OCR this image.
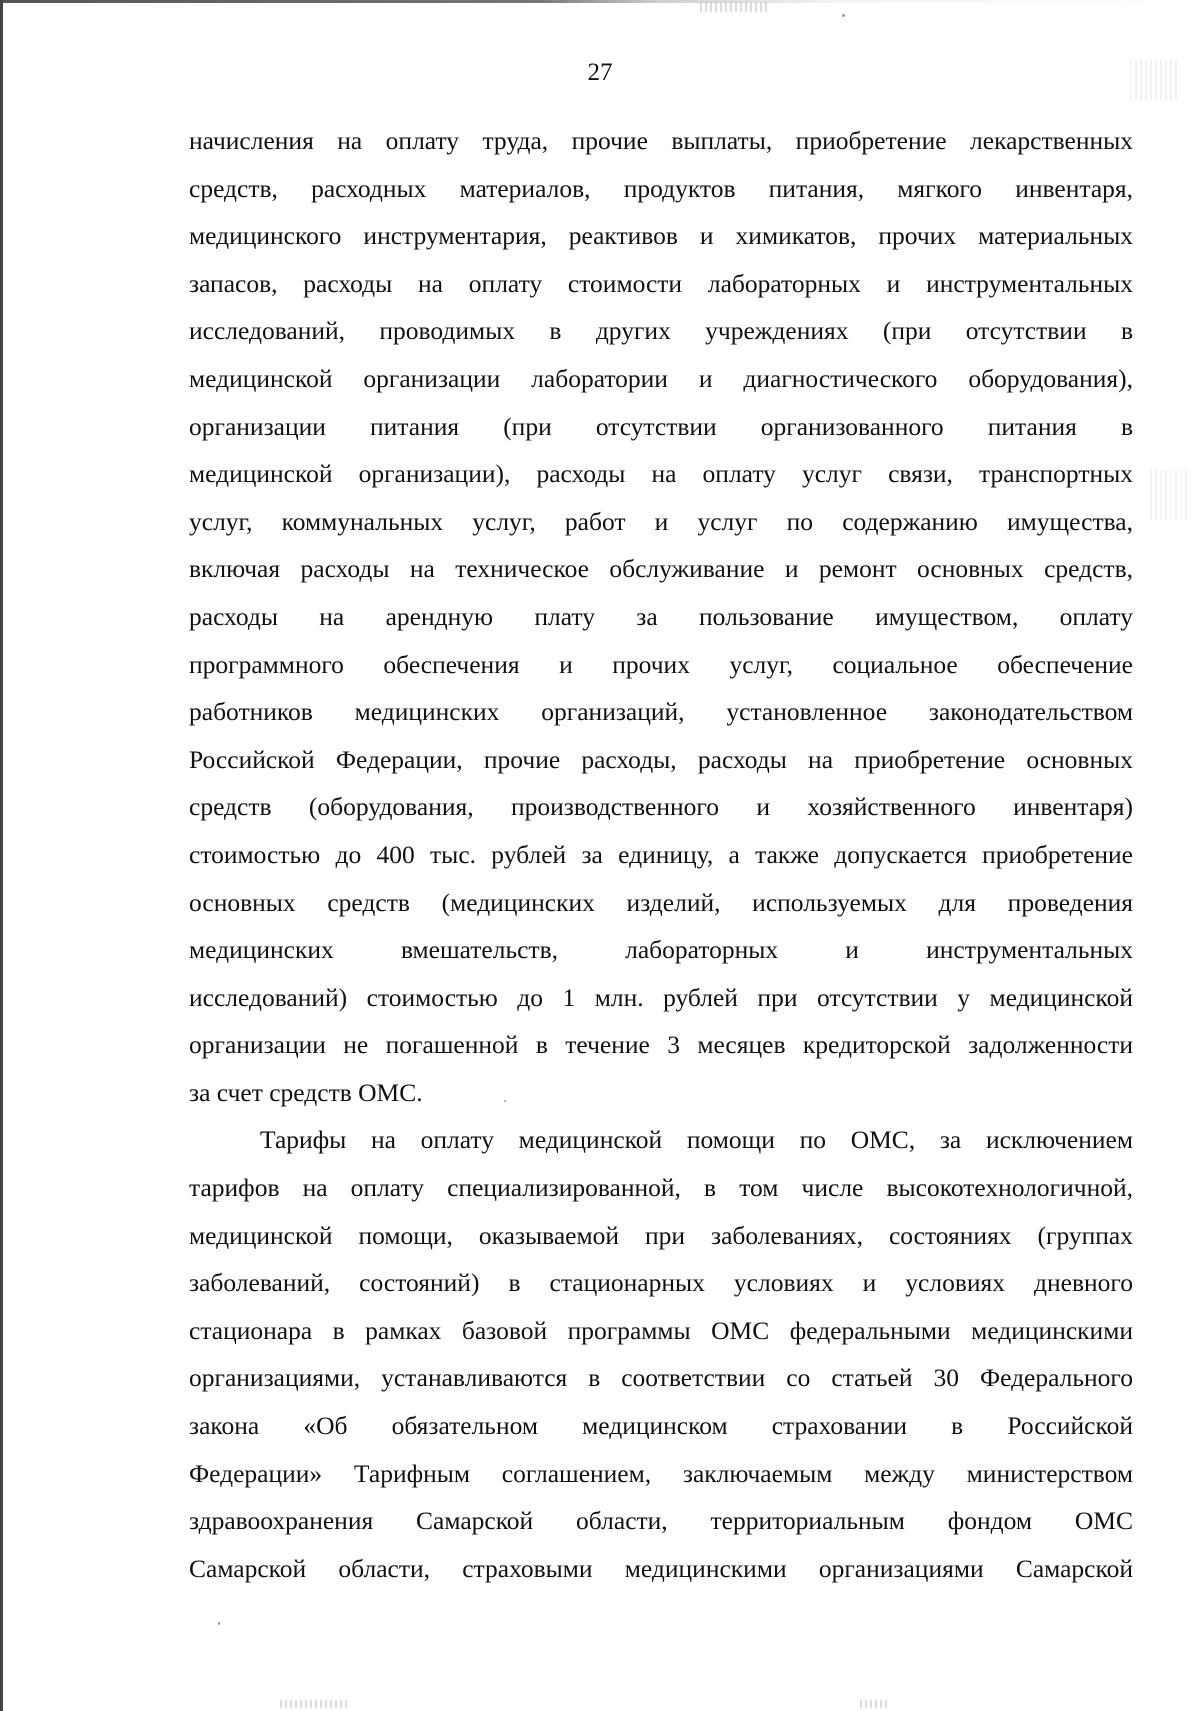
27
начисления на оплату труда, прочие выплаты, приобретение лекарственных
средств, расходных материалов, продуктов питания, мягкого инвентаря,
медицинского инструментария, реактивов и химикатов, прочих материальных
запасов, расходы на оплату стоимости лабораторных и инструментальных
исследований, проводимых в других учреждениях (при отсутствии в
медицинской организации лаборатории и диагностического оборудования),
организации питания (при отсутствии организованного питания в
медицинской организации), расходы на оплату услуг связи, транспортных
услуг, коммунальных услуг, работ и услуг по содержанию имущества,
включая расходы на техническое обслуживание и ремонт основных средств,
расходы на арендную плату за пользование имуществом, оплату
программного обеспечения и прочих услуг, социальное обеспечение
работников медицинских организаций, установленное законодательством
Российской Федерации, прочие расходы, расходы на приобретение основных
средств (оборудования, производственного и хозяйственного инвентаря)
стоимостью до 400 тыс. рублей за единицу, а также допускается приобретение
основных средств (медицинских изделий, используемых для проведения
медицинских вмешательств, лабораторных и инструментальных
исследований) стоимостью до 1 млн. рублей при отсутствии у медицинской
организации не погашенной в течение 3 месяцев кредиторской задолженности
за счет средств ОМС.
Тарифы на оплату медицинской помощи по ОМС, за исключением
тарифов на оплату специализированной, в том числе высокотехнологичной,
медицинской помощи, оказываемой при заболеваниях, состояниях (группах
заболеваний, состояний) в стационарных условиях и условиях дневного
стационара в рамках базовой программы ОМС федеральными медицинскими
организациями, устанавливаются в соответствии со статьей 30 Федерального
закона «Об обязательном медицинском страховании в Российской
Федерации» Тарифным соглашением, заключаемым между министерством
здравоохранения Самарской области, территориальным фондом ОМС
Самарской области, страховыми медицинскими организациями Самарской
